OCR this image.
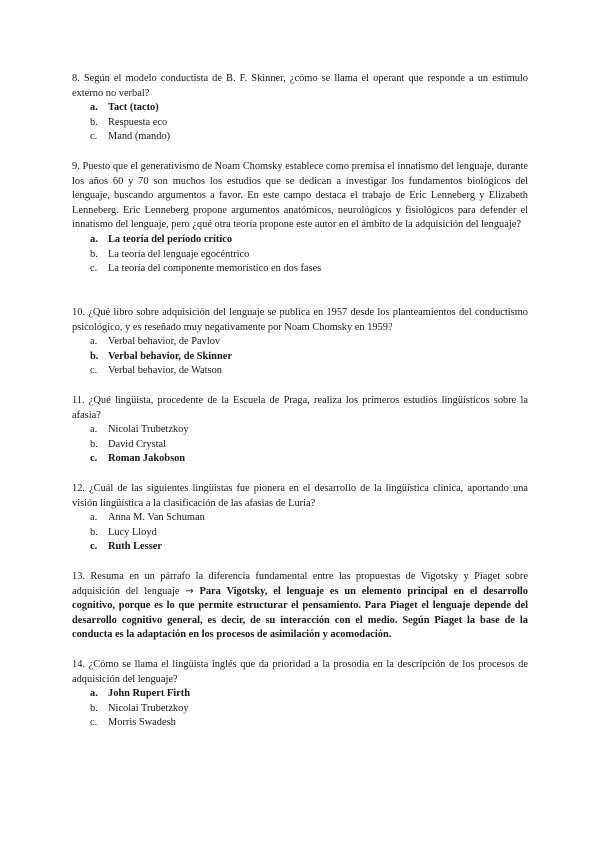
8. Según el modelo conductista de B. F. Skinner, ¿cómo se llama el operant que responde a un estímulo externo no verbal?
a. Tact (tacto)
b. Respuesta eco
c. Mand (mando)
9. Puesto que el generativismo de Noam Chomsky establece como premisa el innatismo del lenguaje, durante los años 60 y 70 son muchos los estudios que se dedican a investigar los fundamentos biológicos del lenguaje, buscando argumentos a favor. En este campo destaca el trabajo de Eric Lenneberg y Elizabeth Lenneberg. Eric Lenneberg propone argumentos anatómicos, neurológicos y fisiológicos para defender el innatismo del lenguaje, pero ¿qué otra teoría propone este autor en el ámbito de la adquisición del lenguaje?
a. La teoría del período crítico
b. La teoría del lenguaje egocéntrico
c. La teoría del componente memorístico en dos fases
10. ¿Qué libro sobre adquisición del lenguaje se publica en 1957 desde los planteamientos del conductismo psicológico, y es reseñado muy negativamente por Noam Chomsky en 1959?
a. Verbal behavior, de Pavlov
b. Verbal behavior, de Skinner
c. Verbal behavior, de Watson
11. ¿Qué lingüista, procedente de la Escuela de Praga, realiza los primeros estudios lingüísticos sobre la afasia?
a. Nicolai Trubetzkoy
b. David Crystal
c. Roman Jakobson
12. ¿Cuál de las siguientes lingüistas fue pionera en el desarrollo de la lingüística clínica, aportando una visión lingüística a la clasificación de las afasias de Luria?
a. Anna M. Van Schuman
b. Lucy Lloyd
c. Ruth Lesser
13. Resuma en un párrafo la diferencia fundamental entre las propuestas de Vigotsky y Piaget sobre adquisición del lenguaje → Para Vigotsky, el lenguaje es un elemento principal en el desarrollo cognitivo, porque es lo que permite estructurar el pensamiento. Para Piaget el lenguaje depende del desarrollo cognitivo general, es decir, de su interacción con el medio. Según Piaget la base de la conducta es la adaptación en los procesos de asimilación y acomodación.
14. ¿Cómo se llama el lingüista inglés que da prioridad a la prosodia en la descripción de los procesos de adquisición del lenguaje?
a. John Rupert Firth
b. Nicolai Trubetzkoy
c. Morris Swadesh
